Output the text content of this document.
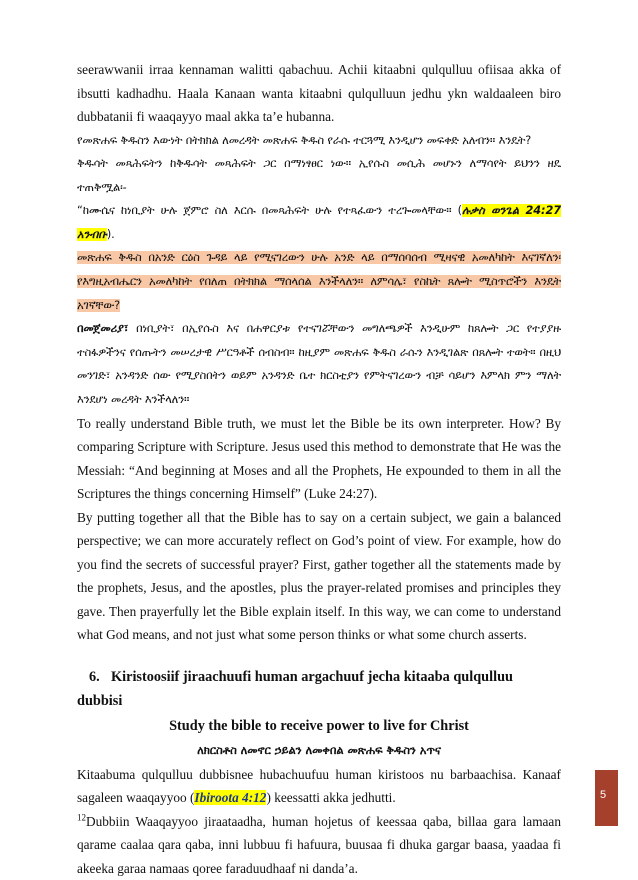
seerawwanii irraa kennaman walitti qabachuu. Achii kitaabni qulqulluu ofiisaa akka of ibsutti kadhadhu. Haala Kanaan wanta kitaabni qulqulluun jedhu ykn waldaaleen biro dubbatanii fi waaqayyo maal akka ta’e hubanna.

የመጽሐፍ ቅዱስን እውነት በትክክል ለመረዳት መጽሐፍ ቅዱስ የራሱ ተርጓሚ እንዲሆን መፍቀድ አለብን። እንዴት?

ቅዱሳት መጻሕፍትን ከቅዱሳት መጻሕፍት ጋር በማነፃፀር ነው። ኢየሱስ መሲሕ መሆኑን ለማሳየት ይህንን ዘዴ ተጠቅሟል፡-

“ከሙሴና ከነቢያት ሁሉ ጀምሮ ስለ እርሱ በመጻሕፍት ሁሉ የተጻፈውን ተረጐመላቸው። (ሉቃስ ወንጌል 24:27 አንብቡ).

መጽሐፍ ቅዱስ በአንድ ርዕስ ጉዳይ ላይ የሚናገረውን ሁሉ አንድ ላይ በማሰባሰብ ሚዛናዊ አመለካከት እናገኛለን፡ የእግዚአብሔርን አመለካከት የበለጠ በትክክል ማሰላሰል እንችላለን። ለምሳሌ፣ የስኬት ጸሎት ሚስጥሮችን እንዴት አገኛቸው?

በመጀመሪያ፣ በነቢያት፣ በኢየሱስ እና በሐዋርያቱ የተናገሯቸውን መግለጫዎች እንዲሁም ከጸሎት ጋር የተያያዙ ተስፋዎችንና የሰጡትን መሠረታዊ ሥርዓቶች ሰብስብ። ከዚያም መጽሐፍ ቅዱስ ራሱን እንዲገልጽ በጸሎት ተወት። በዚህ መንገድ፣ አንዳንድ ሰው የሚያስበትን ወይም አንዳንድ ቤተ ክርስቲያን የምትናገረውን ብቻ ሳይሆን እምላክ ምን ማለት እንደሆነ መረዳት እንችላለን።

To really understand Bible truth, we must let the Bible be its own interpreter. How? By comparing Scripture with Scripture. Jesus used this method to demonstrate that He was the Messiah: “And beginning at Moses and all the Prophets, He expounded to them in all the Scriptures the things concerning Himself” (Luke 24:27).

By putting together all that the Bible has to say on a certain subject, we gain a balanced perspective; we can more accurately reflect on God’s point of view. For example, how do you find the secrets of successful prayer? First, gather together all the statements made by the prophets, Jesus, and the apostles, plus the prayer-related promises and principles they gave. Then prayerfully let the Bible explain itself. In this way, we can come to understand what God means, and not just what some person thinks or what some church asserts.

6. Kiristoosiif jiraachuufi human argachuuf jecha kitaaba qulqulluu dubbisi

Study the bible to receive power to live for Christ

ለክርስቶስ ለመኖር ኃይልን ለመቀበል መጽሐፍ ቅዱስን አጥና

Kitaabuma qulqulluu dubbisnee hubachuufuu human kiristoos nu barbaachisa. Kanaaf sagaleen waaqayyoo (Ibiroota 4:12) keessatti akka jedhutti.

$^{12}$Dubbiin Waaqayyoo jiraataadha, human hojetus of keessaa qaba, billaa gara lamaan qarame caalaa qara qaba, inni lubbuu fi hafuura, buusaa fi dhuka gargar baasa, yaadaa fi akeeka garaa namaas qoree faraduudhaaf ni danda’a.

5
